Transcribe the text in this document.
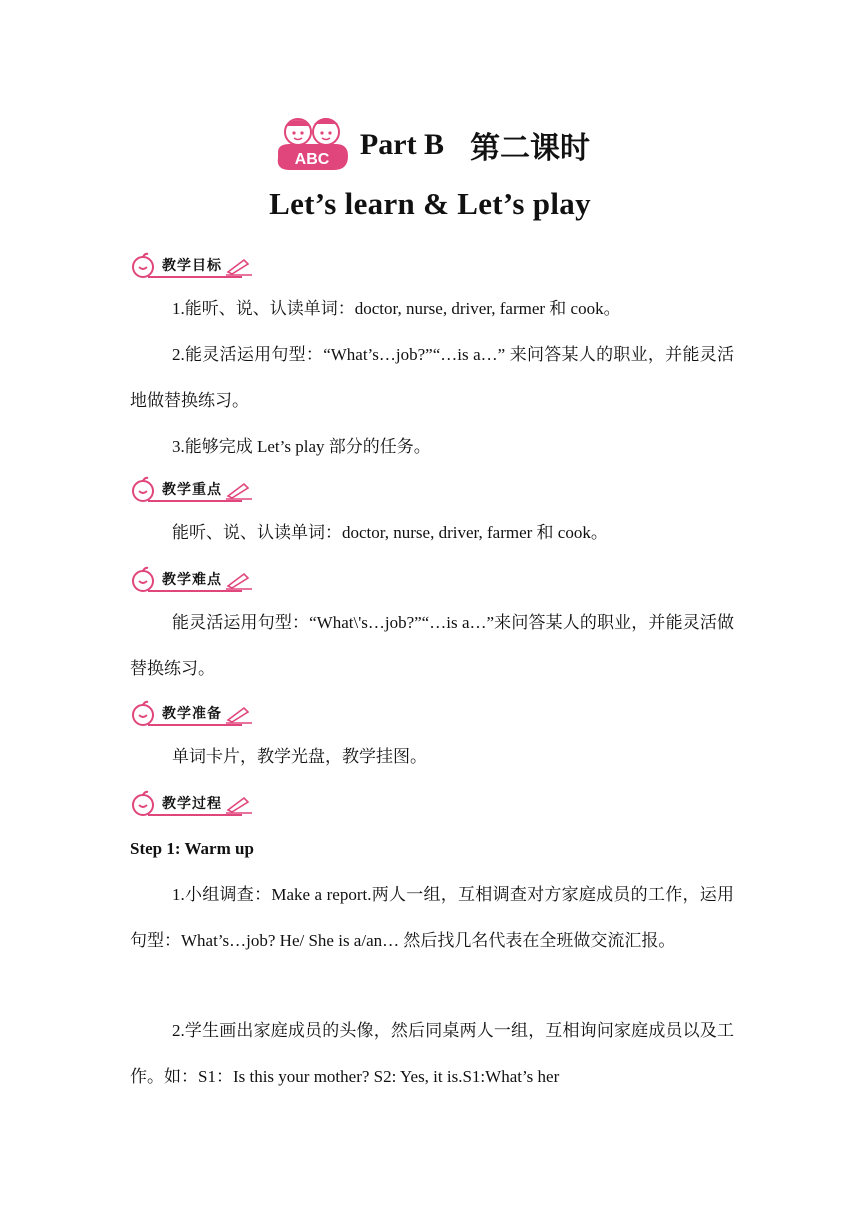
ABC Part B 第二课时
Let’s learn & Let’s play
教学目标
1.能听、说、认读单词：doctor, nurse, driver, farmer 和 cook。
2.能灵活运用句型：“What’s…job?”“…is a…” 来问答某人的职业，并能灵活地做替换练习。
3.能够完成 Let’s play 部分的任务。
教学重点
能听、说、认读单词：doctor, nurse, driver, farmer 和 cook。
教学难点
能灵活运用句型：“What\'s…job?”“…is a…”来问答某人的职业，并能灵活做替换练习。
教学准备
单词卡片，教学光盘，教学挂图。
教学过程
Step 1: Warm up
1.小组调查：Make a report.两人一组，互相调查对方家庭成员的工作，运用句型：What’s…job? He/ She is a/an… 然后找几名代表在全班做交流汇报。
2.学生画出家庭成员的头像，然后同桌两人一组，互相询问家庭成员以及工作。如：S1：Is this your mother? S2: Yes, it is.S1:What’s her
